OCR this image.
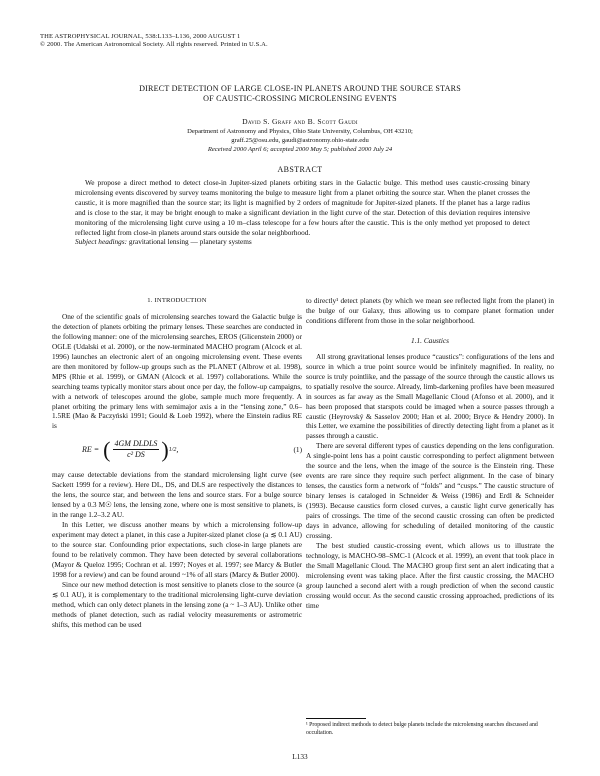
THE ASTROPHYSICAL JOURNAL, 538:L133–L136, 2000 AUGUST 1
© 2000. The American Astronomical Society. All rights reserved. Printed in U.S.A.
DIRECT DETECTION OF LARGE CLOSE-IN PLANETS AROUND THE SOURCE STARS
OF CAUSTIC-CROSSING MICROLENSING EVENTS
David S. Graff and B. Scott Gaudi
Department of Astronomy and Physics, Ohio State University, Columbus, OH 43210;
graff.25@osu.edu, gaudi@astronomy.ohio-state.edu
Received 2000 April 6; accepted 2000 May 5; published 2000 July 24
ABSTRACT

We propose a direct method to detect close-in Jupiter-sized planets orbiting stars in the Galactic bulge. This method uses caustic-crossing binary microlensing events discovered by survey teams monitoring the bulge to measure light from a planet orbiting the source star. When the planet crosses the caustic, it is more magnified than the source star; its light is magnified by 2 orders of magnitude for Jupiter-sized planets. If the planet has a large radius and is close to the star, it may be bright enough to make a significant deviation in the light curve of the star. Detection of this deviation requires intensive monitoring of the microlensing light curve using a 10 m–class telescope for a few hours after the caustic. This is the only method yet proposed to detect reflected light from close-in planets around stars outside the solar neighborhood.

Subject headings: gravitational lensing — planetary systems

1. INTRODUCTION

One of the scientific goals of microlensing searches toward the Galactic bulge is the detection of planets orbiting the primary lenses. These searches are conducted in the following manner: one of the microlensing searches, EROS (Glicenstein 2000) or OGLE (Udalski et al. 2000), or the now-terminated MACHO program (Alcock et al. 1996) launches an electronic alert of an ongoing microlensing event. These events are then monitored by follow-up groups such as the PLANET (Albrow et al. 1998), MPS (Rhie et al. 1999), or GMAN (Alcock et al. 1997) collaborations. While the searching teams typically monitor stars about once per day, the follow-up campaigns, with a network of telescopes around the globe, sample much more frequently. A planet orbiting the primary lens with semimajor axis a in the “lensing zone,” 0.6–1.5RE (Mao & Paczyński 1991; Gould & Loeb 1992), where the Einstein radius RE is

RE = ( $\frac{\text{4GM DLDLS}}{\text{c² DS}}$ ) 1/2 ,	(1)

may cause detectable deviations from the standard microlensing light curve (see Sackett 1999 for a review). Here DL, DS, and DLS are respectively the distances to the lens, the source star, and between the lens and source stars. For a bulge source lensed by a 0.3 M☉ lens, the lensing zone, where one is most sensitive to planets, is in the range 1.2–3.2 AU.

In this Letter, we discuss another means by which a microlensing follow-up experiment may detect a planet, in this case a Jupiter-sized planet close (a ≲ 0.1 AU) to the source star. Confounding prior expectations, such close-in large planets are found to be relatively common. They have been detected by several collaborations (Mayor & Queloz 1995; Cochran et al. 1997; Noyes et al. 1997; see Marcy & Butler 1998 for a review) and can be found around ~1% of all stars (Marcy & Butler 2000).

Since our new method detection is most sensitive to planets close to the source (a ≲ 0.1 AU), it is complementary to the traditional microlensing light-curve deviation method, which can only detect planets in the lensing zone (a ~ 1–3 AU). Unlike other methods of planet detection, such as radial velocity measurements or astrometric shifts, this method can be used

to directly¹ detect planets (by which we mean see reflected light from the planet) in the bulge of our Galaxy, thus allowing us to compare planet formation under conditions different from those in the solar neighborhood.

1.1. Caustics

All strong gravitational lenses produce “caustics”: configurations of the lens and source in which a true point source would be infinitely magnified. In reality, no source is truly pointlike, and the passage of the source through the caustic allows us to spatially resolve the source. Already, limb-darkening profiles have been measured in sources as far away as the Small Magellanic Cloud (Afonso et al. 2000), and it has been proposed that starspots could be imaged when a source passes through a caustic (Heyrovský & Sasselov 2000; Han et al. 2000; Bryce & Hendry 2000). In this Letter, we examine the possibilities of directly detecting light from a planet as it passes through a caustic.

There are several different types of caustics depending on the lens configuration. A single-point lens has a point caustic corresponding to perfect alignment between the source and the lens, when the image of the source is the Einstein ring. These events are rare since they require such perfect alignment. In the case of binary lenses, the caustics form a network of “folds” and “cusps.” The caustic structure of binary lenses is cataloged in Schneider & Weiss (1986) and Erdl & Schneider (1993). Because caustics form closed curves, a caustic light curve generically has pairs of crossings. The time of the second caustic crossing can often be predicted days in advance, allowing for scheduling of detailed monitoring of the caustic crossing.

The best studied caustic-crossing event, which allows us to illustrate the technology, is MACHO-98–SMC-1 (Alcock et al. 1999), an event that took place in the Small Magellanic Cloud. The MACHO group first sent an alert indicating that a microlensing event was taking place. After the first caustic crossing, the MACHO group launched a second alert with a rough prediction of when the second caustic crossing would occur. As the second caustic crossing approached, predictions of its time

¹ Proposed indirect methods to detect bulge planets include the microlensing searches discussed and occultation.
L133
